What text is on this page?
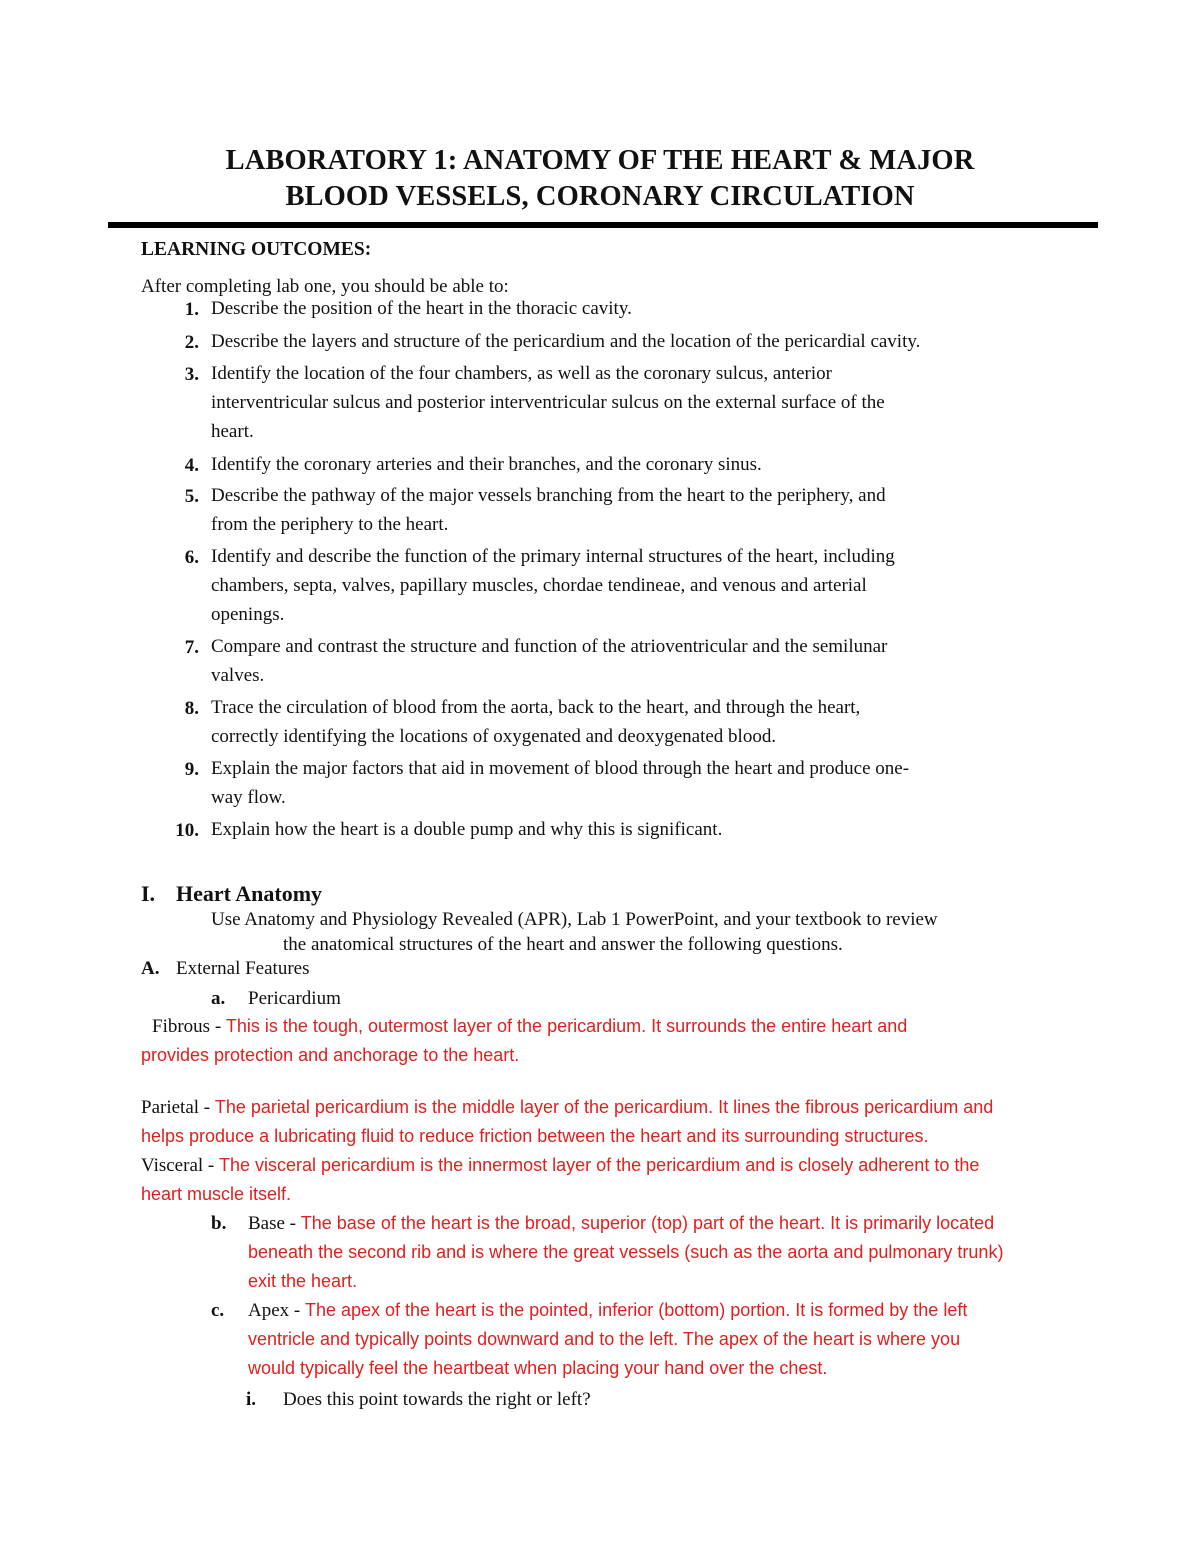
LABORATORY 1: ANATOMY OF THE HEART & MAJOR
BLOOD VESSELS, CORONARY CIRCULATION
LEARNING OUTCOMES:
After completing lab one, you should be able to:
1. Describe the position of the heart in the thoracic cavity.
2. Describe the layers and structure of the pericardium and the location of the pericardial cavity.
3. Identify the location of the four chambers, as well as the coronary sulcus, anterior
interventricular sulcus and posterior interventricular sulcus on the external surface of the
heart.
4. Identify the coronary arteries and their branches, and the coronary sinus.
5. Describe the pathway of the major vessels branching from the heart to the periphery, and
from the periphery to the heart.
6. Identify and describe the function of the primary internal structures of the heart, including
chambers, septa, valves, papillary muscles, chordae tendineae, and venous and arterial
openings.
7. Compare and contrast the structure and function of the atrioventricular and the semilunar
valves.
8. Trace the circulation of blood from the aorta, back to the heart, and through the heart,
correctly identifying the locations of oxygenated and deoxygenated blood.
9. Explain the major factors that aid in movement of blood through the heart and produce one-
way flow.
10. Explain how the heart is a double pump and why this is significant.
I. Heart Anatomy
Use Anatomy and Physiology Revealed (APR), Lab 1 PowerPoint, and your textbook to review
the anatomical structures of the heart and answer the following questions.
A. External Features
a. Pericardium
Fibrous - This is the tough, outermost layer of the pericardium. It surrounds the entire heart and
provides protection and anchorage to the heart.
Parietal - The parietal pericardium is the middle layer of the pericardium. It lines the fibrous pericardium and
helps produce a lubricating fluid to reduce friction between the heart and its surrounding structures.
Visceral - The visceral pericardium is the innermost layer of the pericardium and is closely adherent to the
heart muscle itself.
b. Base - The base of the heart is the broad, superior (top) part of the heart. It is primarily located
beneath the second rib and is where the great vessels (such as the aorta and pulmonary trunk)
exit the heart.
c. Apex - The apex of the heart is the pointed, inferior (bottom) portion. It is formed by the left
ventricle and typically points downward and to the left. The apex of the heart is where you
would typically feel the heartbeat when placing your hand over the chest.
i. Does this point towards the right or left?
